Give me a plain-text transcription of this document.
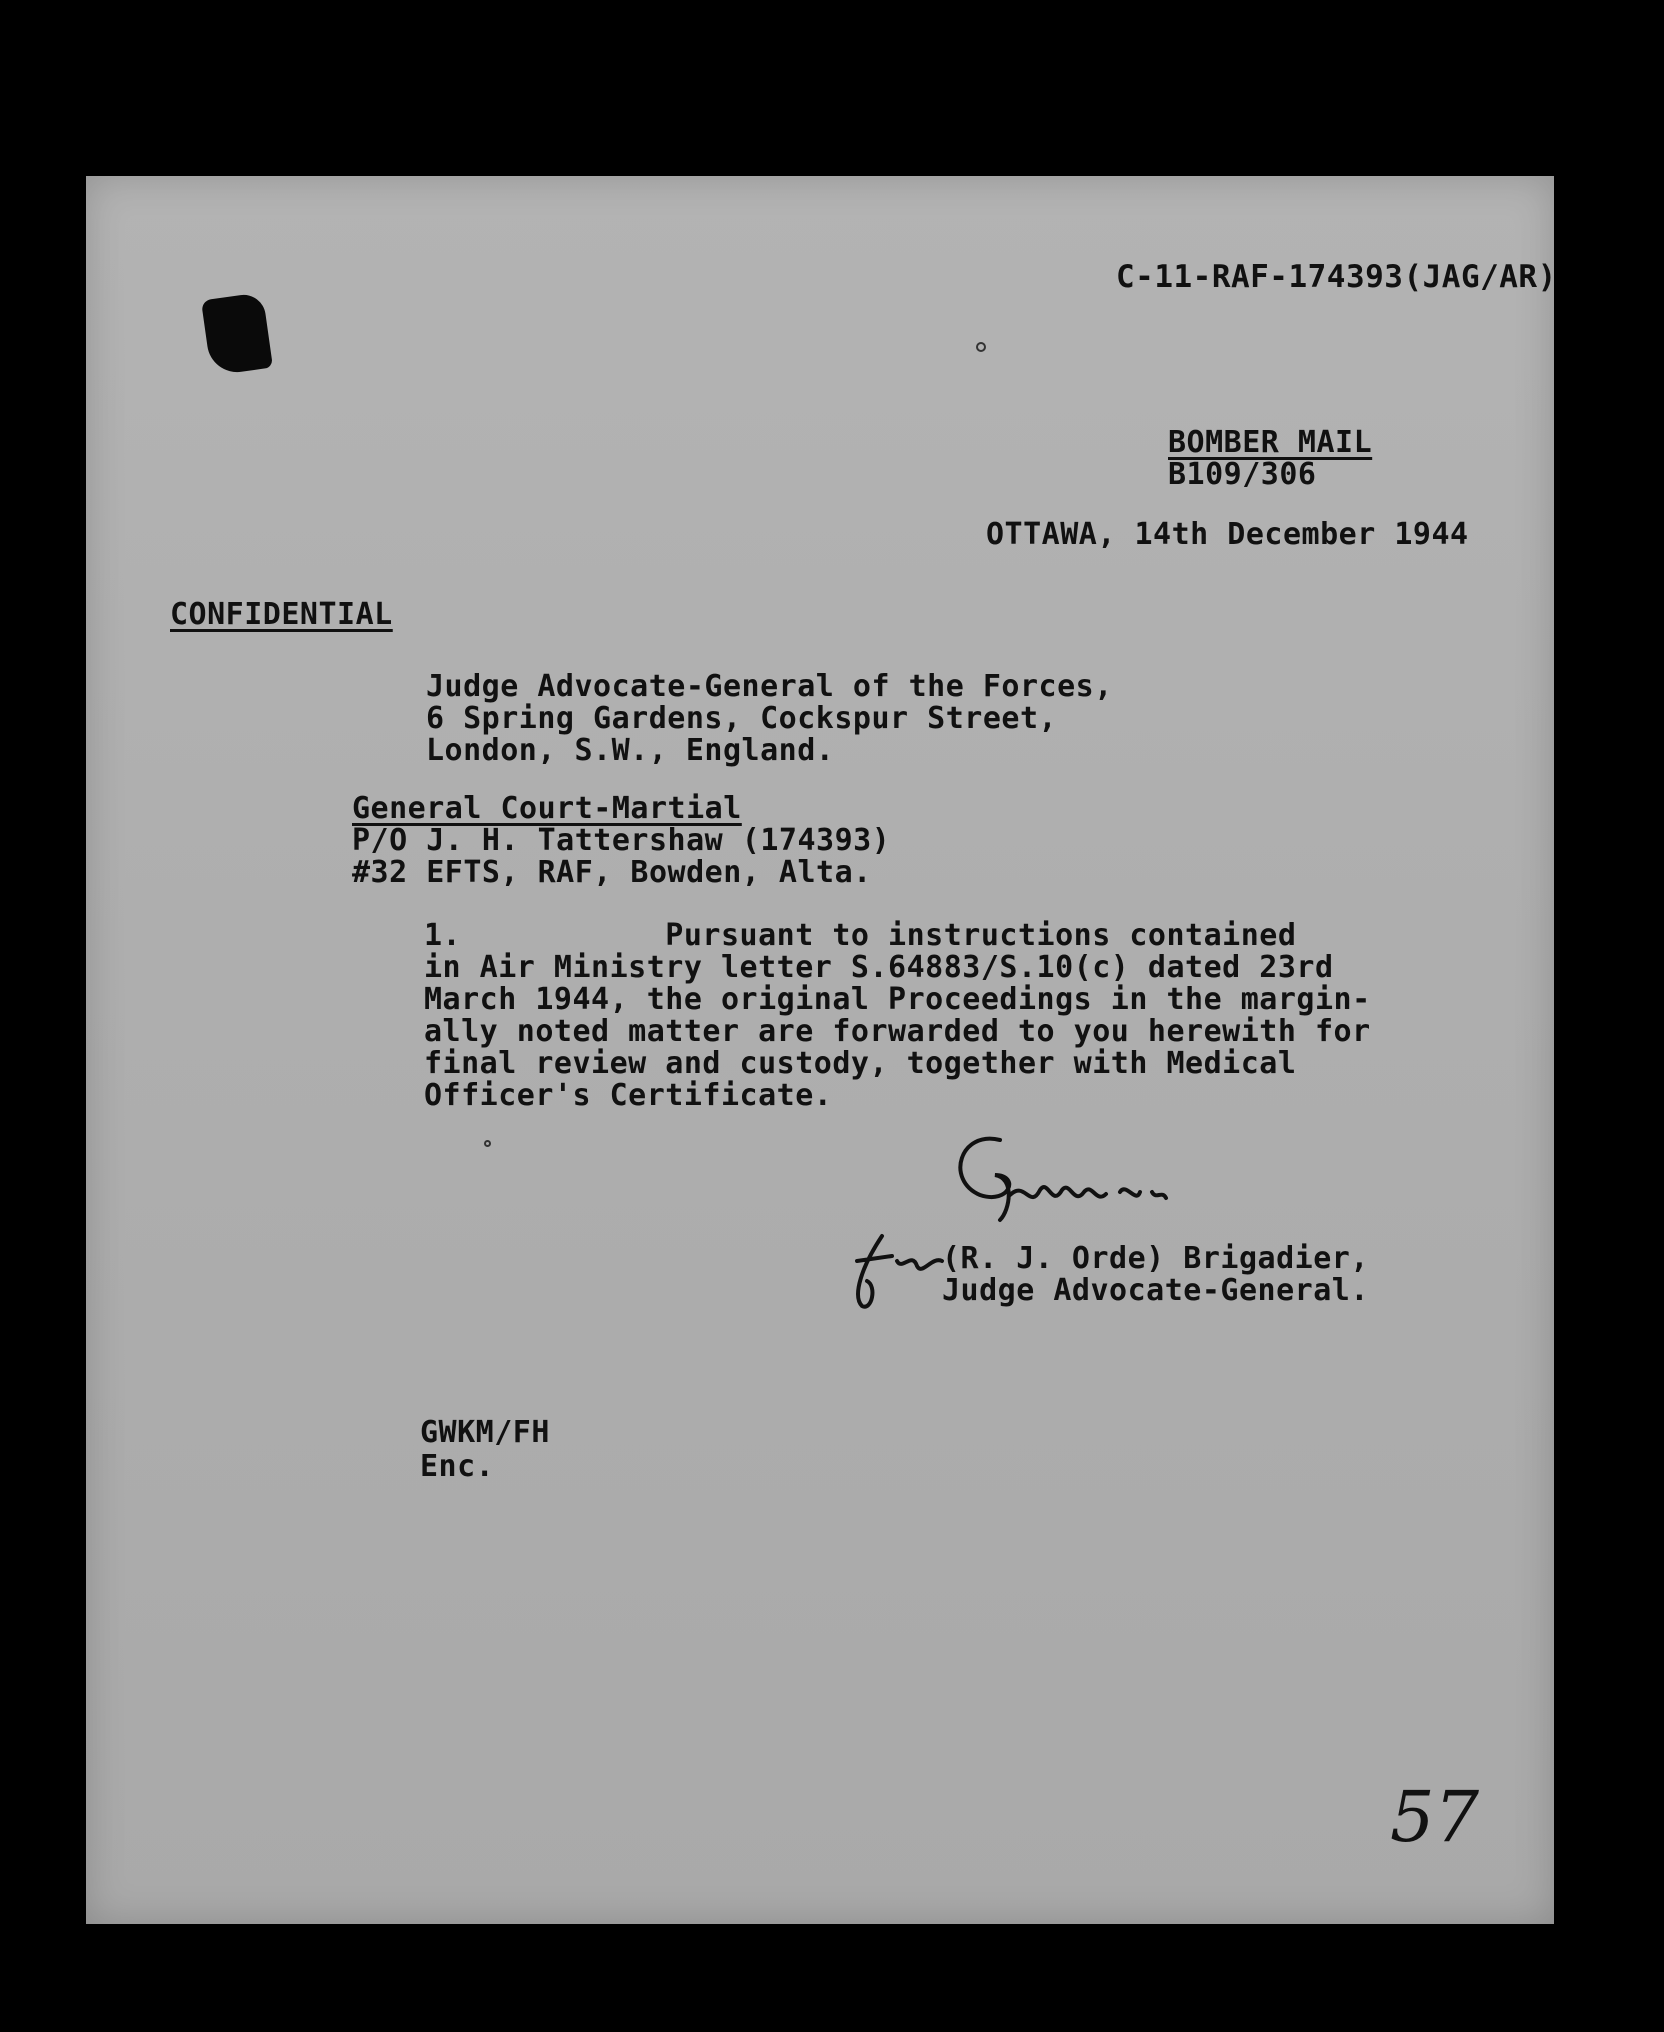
C-11-RAF-174393(JAG/AR)
BOMBER MAIL
B109/306
OTTAWA, 14th December 1944
CONFIDENTIAL
Judge Advocate-General of the Forces,
6 Spring Gardens, Cockspur Street,
London, S.W., England.
General Court-Martial
P/O J. H. Tattershaw (174393)
#32 EFTS, RAF, Bowden, Alta.
1.           Pursuant to instructions contained
in Air Ministry letter S.64883/S.10(c) dated 23rd
March 1944, the original Proceedings in the margin-
ally noted matter are forwarded to you herewith for
final review and custody, together with Medical
Officer's Certificate.
(R. J. Orde) Brigadier,
Judge Advocate-General.
GWKM/FH
Enc.
57
